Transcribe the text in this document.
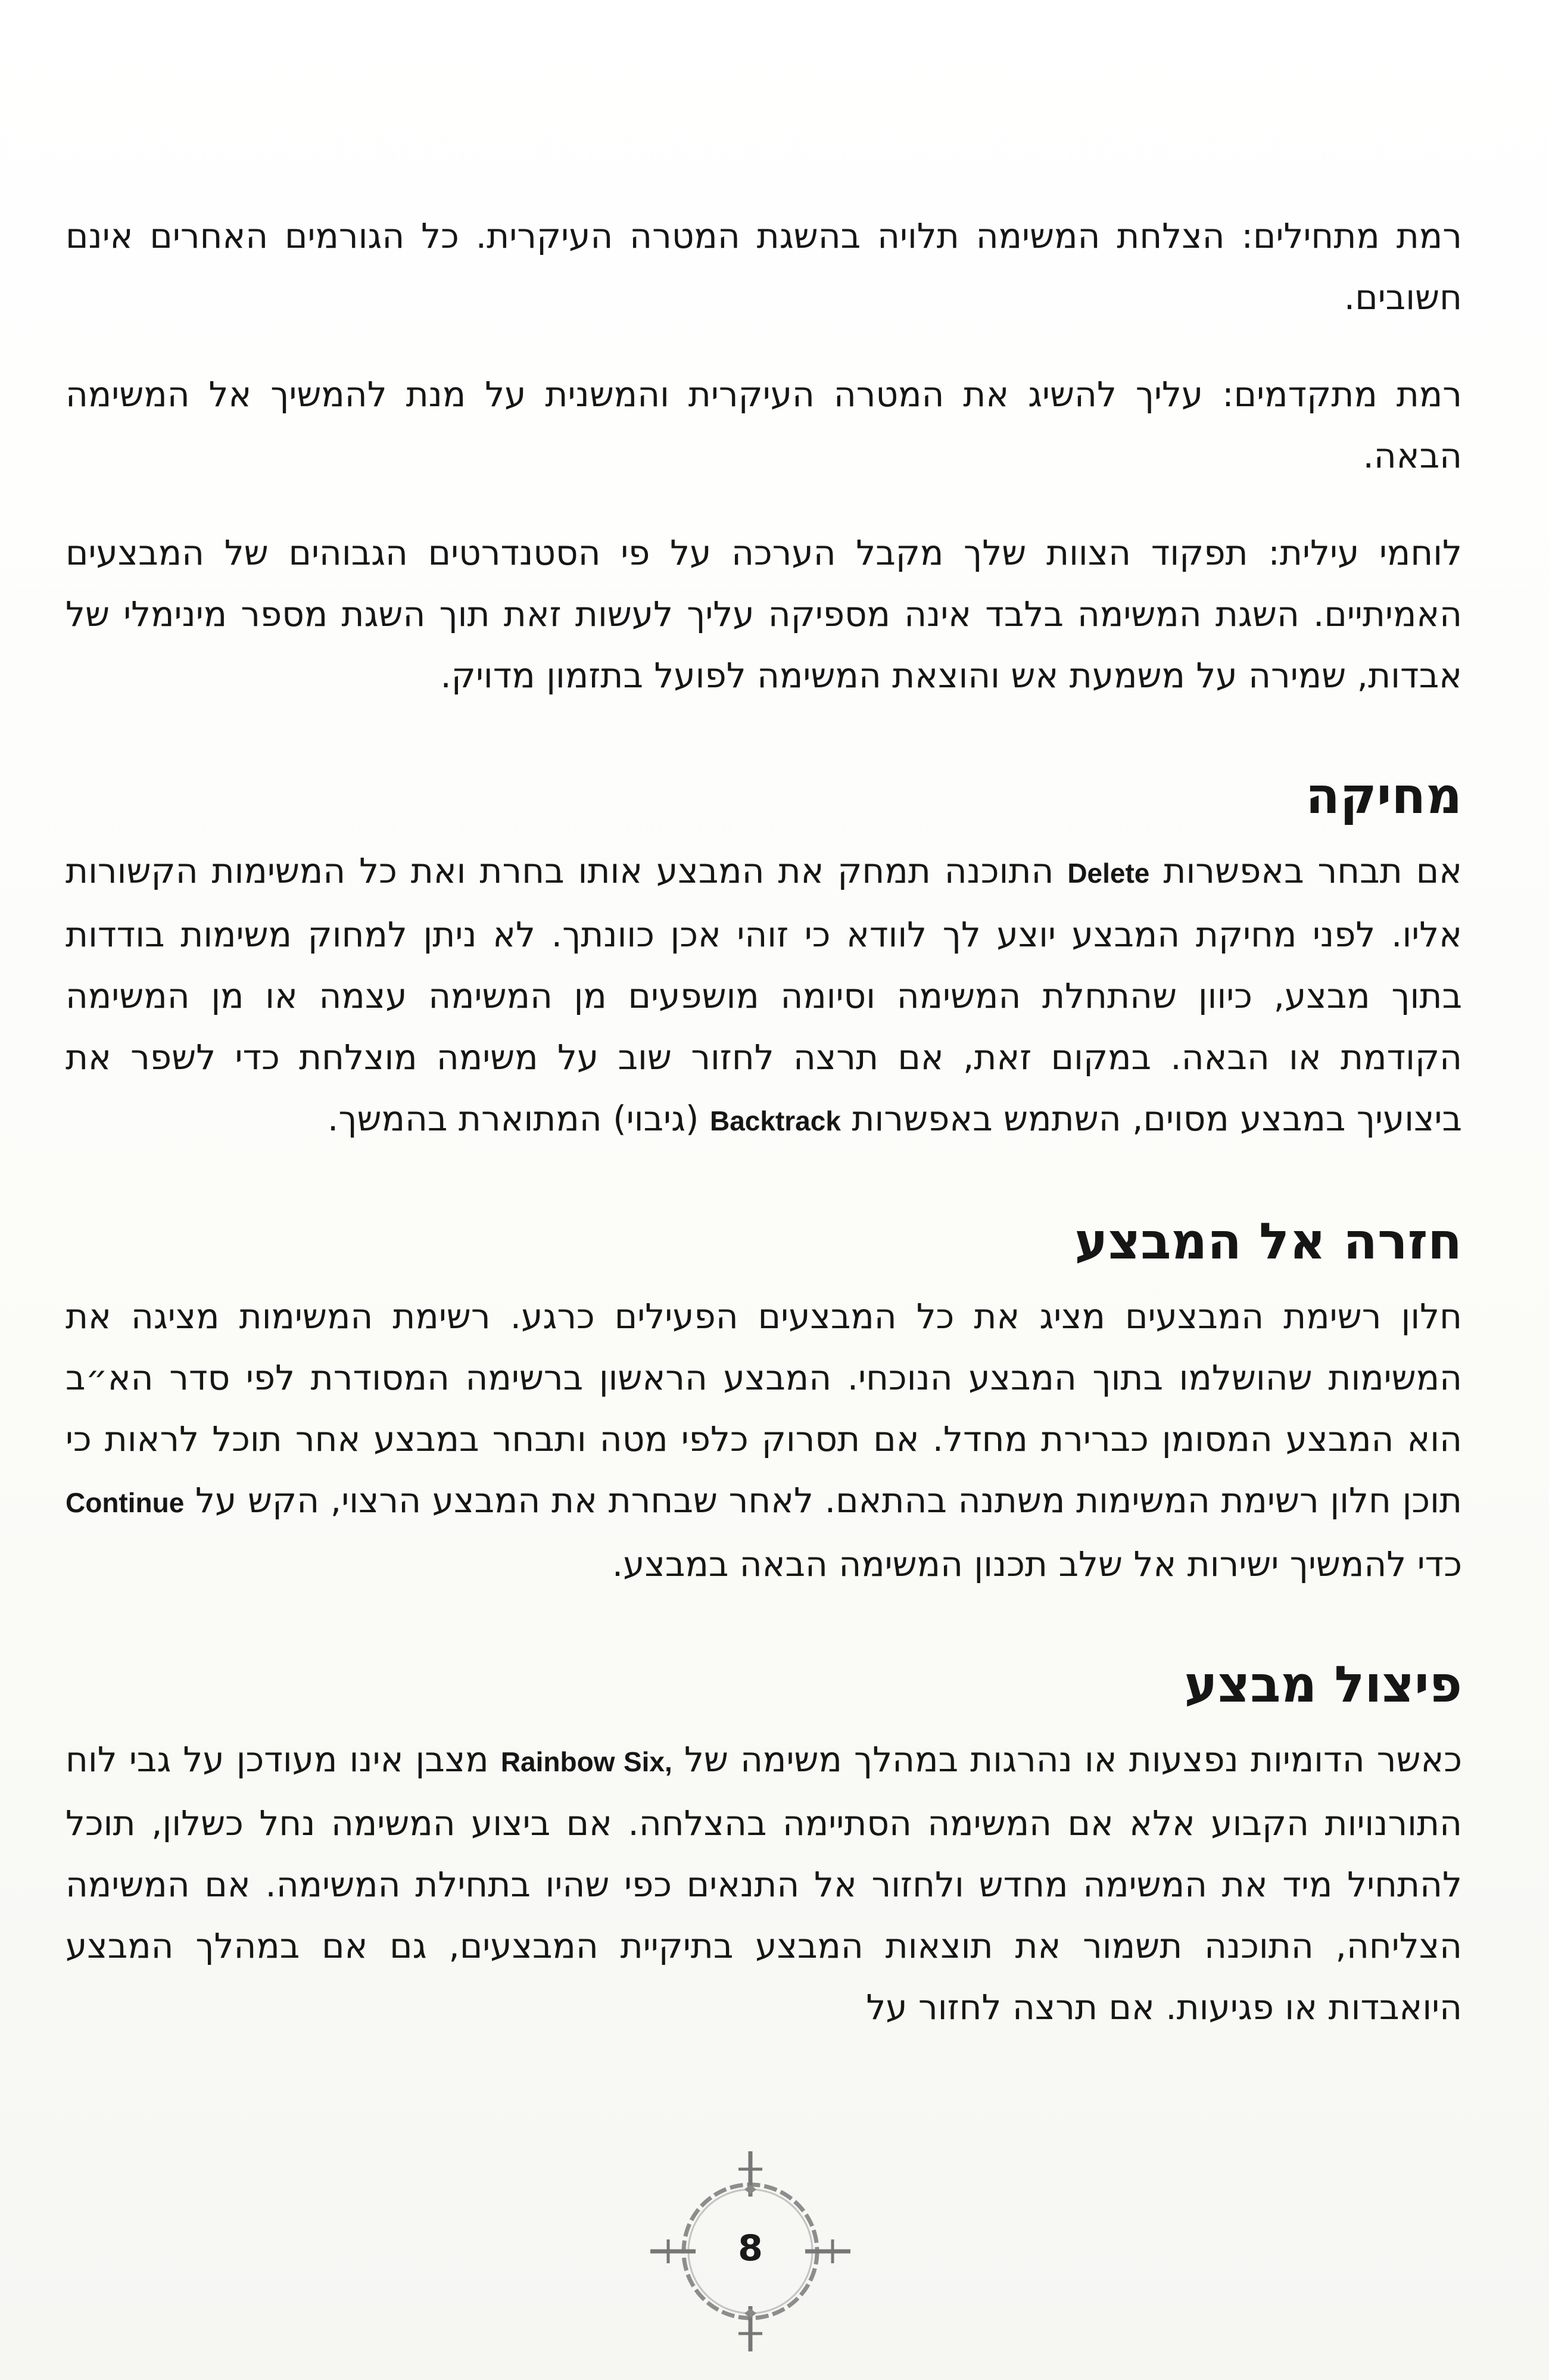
רמת מתחילים: הצלחת המשימה תלויה בהשגת המטרה העיקרית. כל הגורמים האחרים אינם חשובים.

רמת מתקדמים: עליך להשיג את המטרה העיקרית והמשנית על מנת להמשיך אל המשימה הבאה.

לוחמי עילית: תפקוד הצוות שלך מקבל הערכה על פי הסטנדרטים הגבוהים של המבצעים האמיתיים. השגת המשימה בלבד אינה מספיקה עליך לעשות זאת תוך השגת מספר מינימלי של אבדות, שמירה על משמעת אש והוצאת המשימה לפועל בתזמון מדויק.

מחיקה

אם תבחר באפשרות Delete התוכנה תמחק את המבצע אותו בחרת ואת כל המשימות הקשורות אליו. לפני מחיקת המבצע יוצע לך לוודא כי זוהי אכן כוונתך. לא ניתן למחוק משימות בודדות בתוך מבצע, כיוון שהתחלת המשימה וסיומה מושפעים מן המשימה עצמה או מן המשימה הקודמת או הבאה. במקום זאת, אם תרצה לחזור שוב על משימה מוצלחת כדי לשפר את ביצועיך במבצע מסוים, השתמש באפשרות Backtrack (גיבוי) המתוארת בהמשך.

חזרה אל המבצע

חלון רשימת המבצעים מציג את כל המבצעים הפעילים כרגע. רשימת המשימות מציגה את המשימות שהושלמו בתוך המבצע הנוכחי. המבצע הראשון ברשימה המסודרת לפי סדר הא״ב הוא המבצע המסומן כברירת מחדל. אם תסרוק כלפי מטה ותבחר במבצע אחר תוכל לראות כי תוכן חלון רשימת המשימות משתנה בהתאם. לאחר שבחרת את המבצע הרצוי, הקש על Continue כדי להמשיך ישירות אל שלב תכנון המשימה הבאה במבצע.

פיצול מבצע

כאשר הדומיות נפצעות או נהרגות במהלך משימה של Rainbow Six, מצבן אינו מעודכן על גבי לוח התורנויות הקבוע אלא אם המשימה הסתיימה בהצלחה. אם ביצוע המשימה נחל כשלון, תוכל להתחיל מיד את המשימה מחדש ולחזור אל התנאים כפי שהיו בתחילת המשימה. אם המשימה הצליחה, התוכנה תשמור את תוצאות המבצע בתיקיית המבצעים, גם אם במהלך המבצע היואבדות או פגיעות. אם תרצה לחזור על

8
